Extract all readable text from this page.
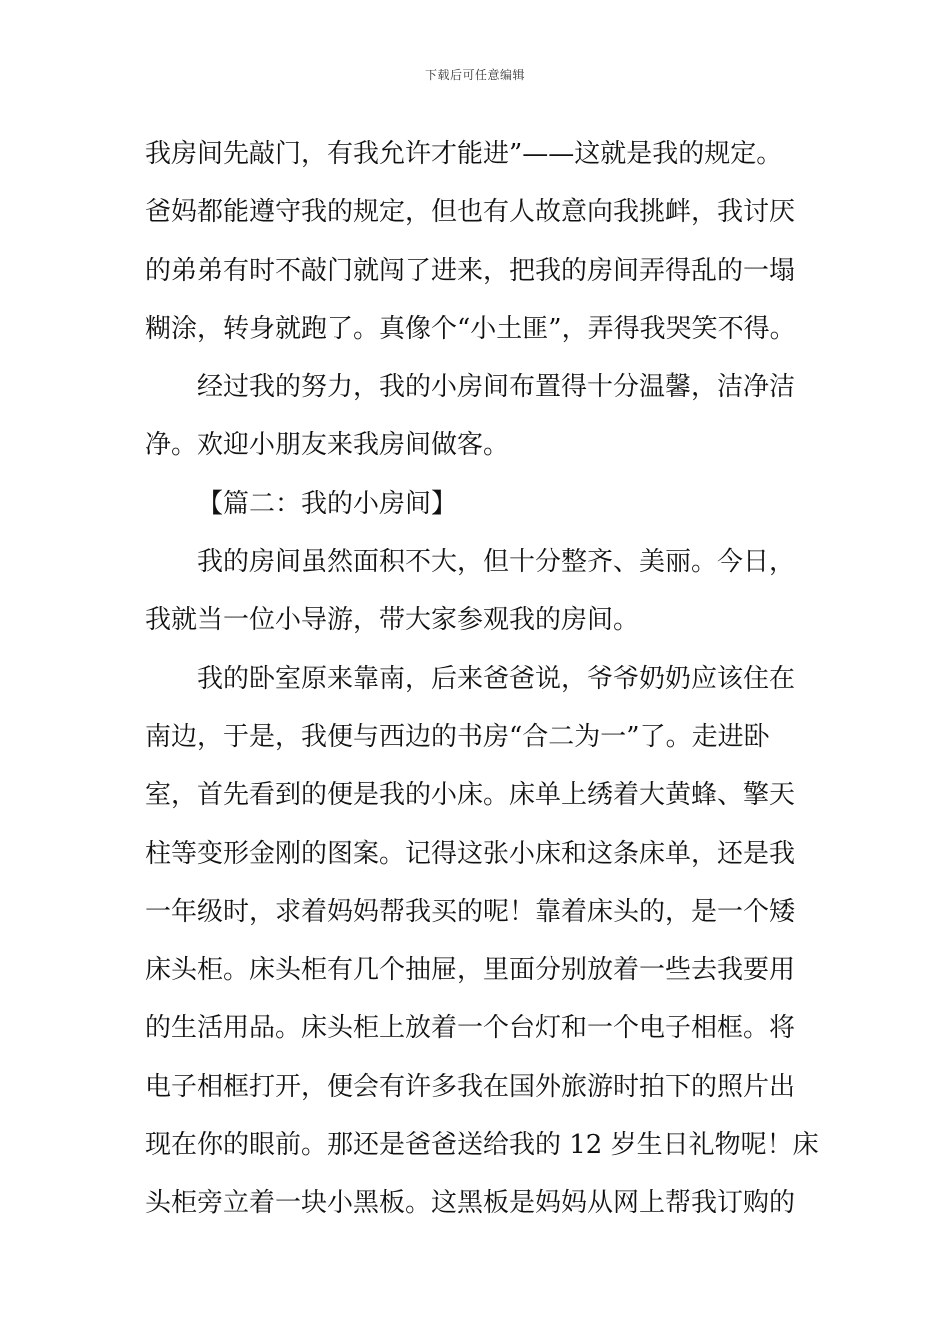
下载后可任意编辑
我房间先敲门，有我允许才能进”——这就是我的规定。
爸妈都能遵守我的规定，但也有人故意向我挑衅，我讨厌
的弟弟有时不敲门就闯了进来，把我的房间弄得乱的一塌
糊涂，转身就跑了。真像个“小土匪”，弄得我哭笑不得。
经过我的努力，我的小房间布置得十分温馨，洁净洁
净。欢迎小朋友来我房间做客。
【篇二：我的小房间】
我的房间虽然面积不大，但十分整齐、美丽。今日，
我就当一位小导游，带大家参观我的房间。
我的卧室原来靠南，后来爸爸说，爷爷奶奶应该住在
南边，于是，我便与西边的书房“合二为一”了。走进卧
室，首先看到的便是我的小床。床单上绣着大黄蜂、擎天
柱等变形金刚的图案。记得这张小床和这条床单，还是我
一年级时，求着妈妈帮我买的呢！靠着床头的，是一个矮
床头柜。床头柜有几个抽屉，里面分别放着一些去我要用
的生活用品。床头柜上放着一个台灯和一个电子相框。将
电子相框打开，便会有许多我在国外旅游时拍下的照片出
现在你的眼前。那还是爸爸送给我的 12 岁生日礼物呢！床
头柜旁立着一块小黑板。这黑板是妈妈从网上帮我订购的
